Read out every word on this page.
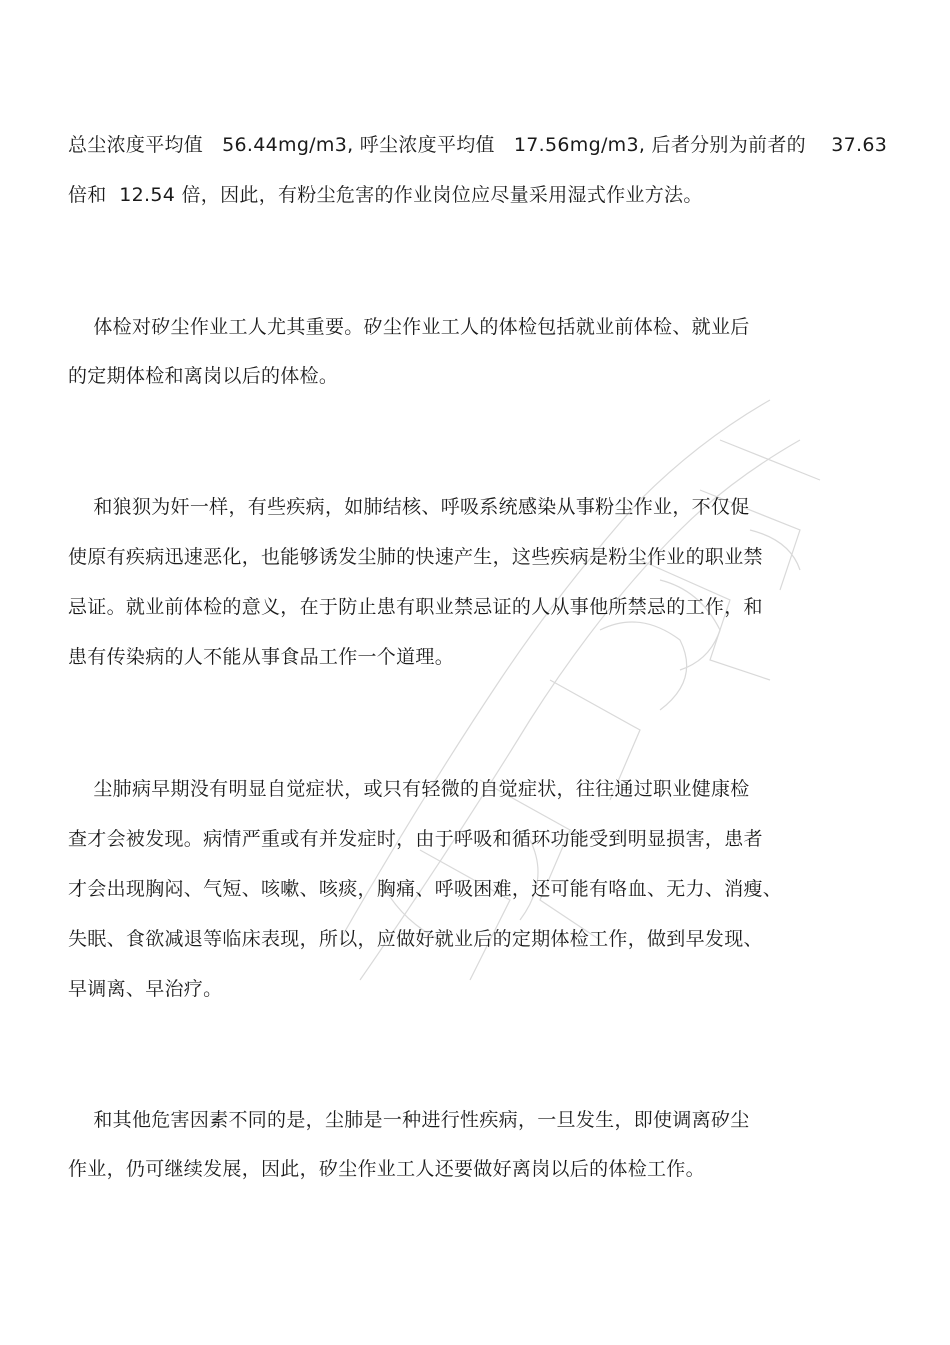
总尘浓度平均值   56.44mg/m3, 呼尘浓度平均值   17.56mg/m3, 后者分别为前者的    37.63
倍和  12.54 倍，因此，有粉尘危害的作业岗位应尽量采用湿式作业方法。
体检对矽尘作业工人尤其重要。矽尘作业工人的体检包括就业前体检、就业后
的定期体检和离岗以后的体检。
和狼狈为奸一样，有些疾病，如肺结核、呼吸系统感染从事粉尘作业，不仅促
使原有疾病迅速恶化，也能够诱发尘肺的快速产生，这些疾病是粉尘作业的职业禁
忌证。就业前体检的意义，在于防止患有职业禁忌证的人从事他所禁忌的工作，和
患有传染病的人不能从事食品工作一个道理。
尘肺病早期没有明显自觉症状，或只有轻微的自觉症状，往往通过职业健康检
查才会被发现。病情严重或有并发症时，由于呼吸和循环功能受到明显损害，患者
才会出现胸闷、气短、咳嗽、咳痰，胸痛、呼吸困难，还可能有咯血、无力、消瘦、
失眠、食欲减退等临床表现，所以，应做好就业后的定期体检工作，做到早发现、
早调离、早治疗。
和其他危害因素不同的是，尘肺是一种进行性疾病，一旦发生，即使调离矽尘
作业，仍可继续发展，因此，矽尘作业工人还要做好离岗以后的体检工作。
